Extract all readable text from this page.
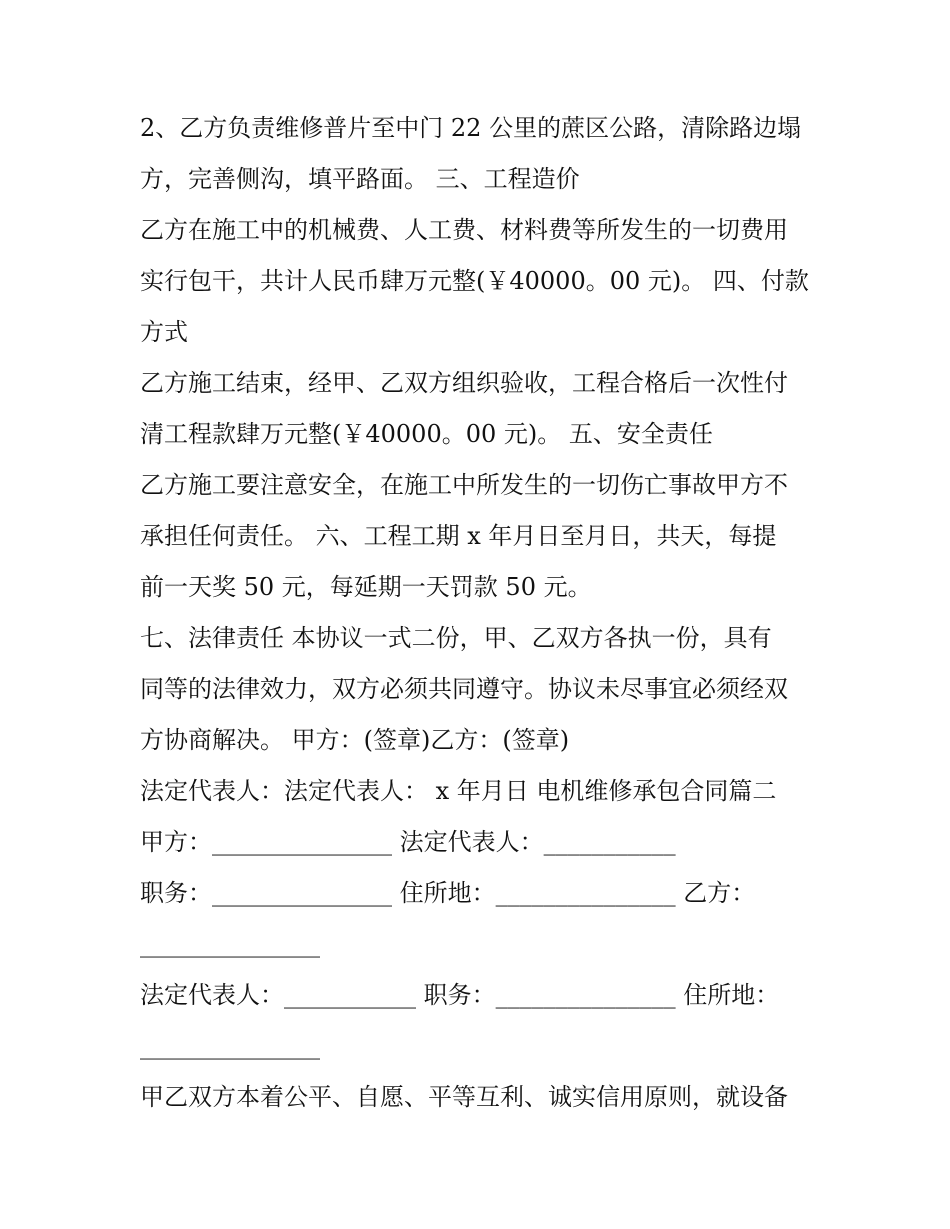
2、乙方负责维修普片至中门 22 公里的蔗区公路，清除路边塌
方，完善侧沟，填平路面。 三、工程造价
乙方在施工中的机械费、人工费、材料费等所发生的一切费用
实行包干，共计人民币肆万元整(￥40000。00 元)。 四、付款
方式
乙方施工结束，经甲、乙双方组织验收，工程合格后一次性付
清工程款肆万元整(￥40000。00 元)。 五、安全责任
乙方施工要注意安全，在施工中所发生的一切伤亡事故甲方不
承担任何责任。 六、工程工期 x 年月日至月日，共天，每提
前一天奖 50 元，每延期一天罚款 50 元。
七、法律责任 本协议一式二份，甲、乙双方各执一份，具有
同等的法律效力，双方必须共同遵守。协议未尽事宜必须经双
方协商解决。 甲方：(签章)乙方：(签章)
法定代表人：法定代表人： x 年月日 电机维修承包合同篇二
甲方：_______________ 法定代表人：___________
职务：_______________ 住所地：_______________ 乙方：
_______________
法定代表人：___________ 职务：_______________ 住所地：
_______________
甲乙双方本着公平、自愿、平等互利、诚实信用原则，就设备
